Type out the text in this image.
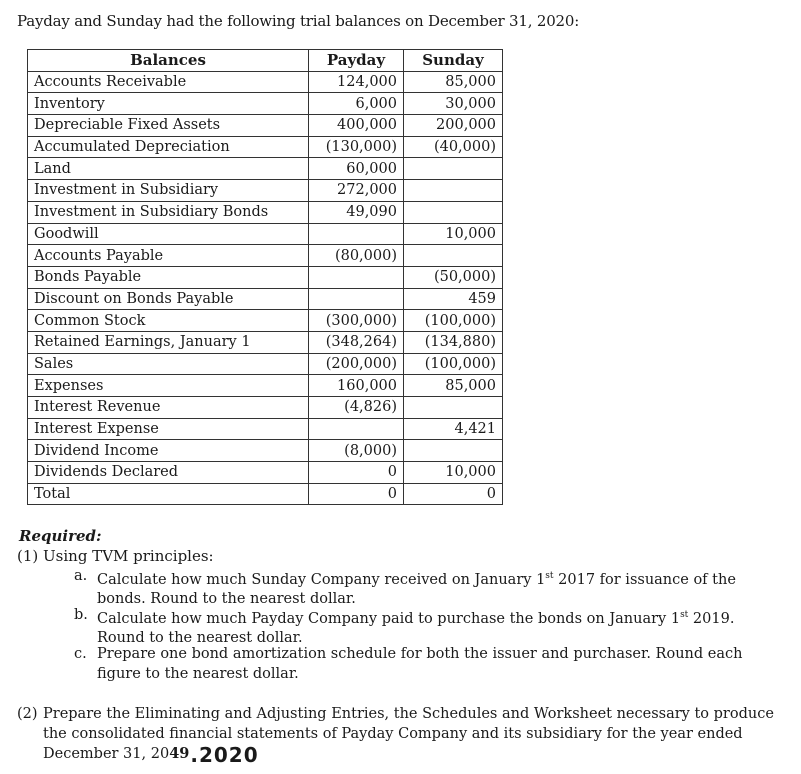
Payday and Sunday had the following trial balances on December 31, 2020:
Balances	Payday	Sunday
Accounts Receivable	124,000	85,000
Inventory	6,000	30,000
Depreciable Fixed Assets	400,000	200,000
Accumulated Depreciation	(130,000)	(40,000)
Land	60,000	
Investment in Subsidiary	272,000	
Investment in Subsidiary Bonds	49,090	
Goodwill		10,000
Accounts Payable	(80,000)	
Bonds Payable		(50,000)
Discount on Bonds Payable		459
Common Stock	(300,000)	(100,000)
Retained Earnings, January 1	(348,264)	(134,880)
Sales	(200,000)	(100,000)
Expenses	160,000	85,000
Interest Revenue	(4,826)	
Interest Expense		4,421
Dividend Income	(8,000)	
Dividends Declared	0	10,000
Total	0	0
Required:
(1) Using TVM principles:
a. Calculate how much Sunday Company received on January 1st 2017 for issuance of the bonds. Round to the nearest dollar.
b. Calculate how much Payday Company paid to purchase the bonds on January 1st 2019. Round to the nearest dollar.
c. Prepare one bond amortization schedule for both the issuer and purchaser. Round each figure to the nearest dollar.
(2) Prepare the Eliminating and Adjusting Entries, the Schedules and Worksheet necessary to produce the consolidated financial statements of Payday Company and its subsidiary for the year ended December 31, 2049.2020
